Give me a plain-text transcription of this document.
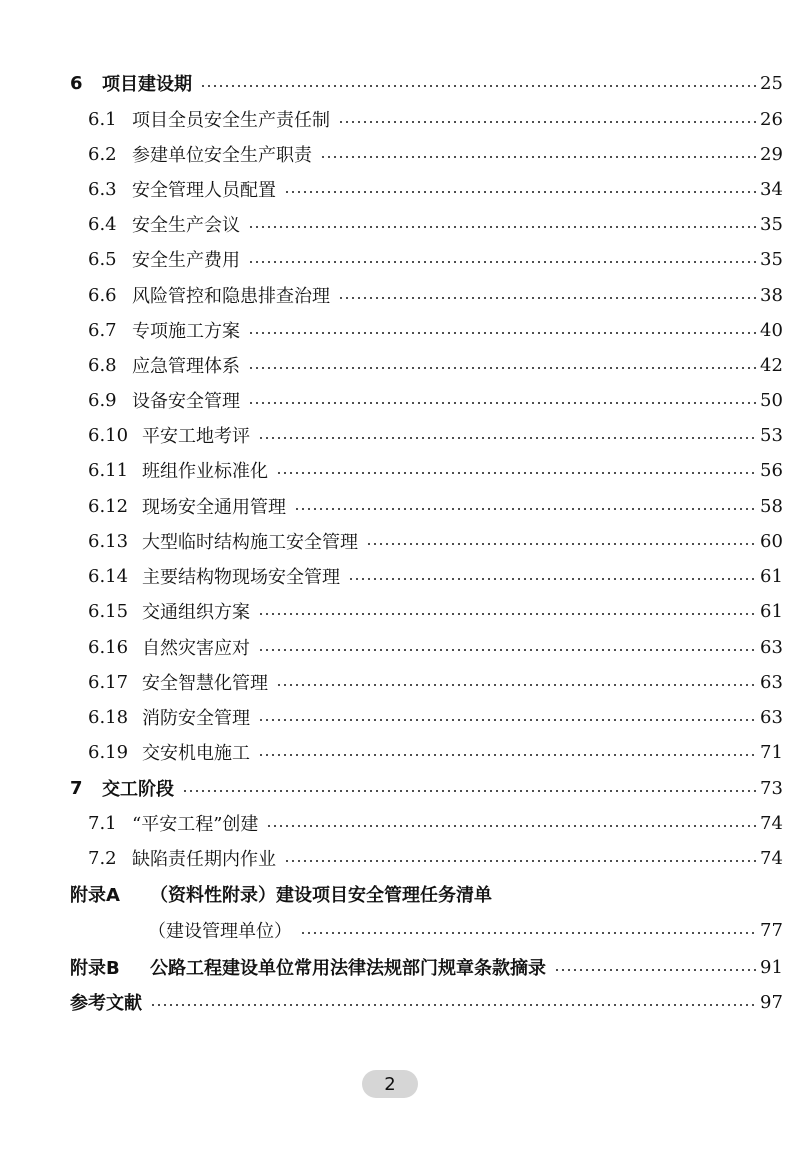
6	项目建设期	25
6.1 项目全员安全生产责任制	26
6.2 参建单位安全生产职责	29
6.3 安全管理人员配置	34
6.4 安全生产会议	35
6.5 安全生产费用	35
6.6 风险管控和隐患排查治理	38
6.7 专项施工方案	40
6.8 应急管理体系	42
6.9 设备安全管理	50
6.10 平安工地考评	53
6.11 班组作业标准化	56
6.12 现场安全通用管理	58
6.13 大型临时结构施工安全管理	60
6.14 主要结构物现场安全管理	61
6.15 交通组织方案	61
6.16 自然灾害应对	63
6.17 安全智慧化管理	63
6.18 消防安全管理	63
6.19 交安机电施工	71
7	交工阶段	73
7.1 “平安工程”创建	74
7.2 缺陷责任期内作业	74
附录A	（资料性附录）建设项目安全管理任务清单
（建设管理单位）	77
附录B	公路工程建设单位常用法律法规部门规章条款摘录	91
参考文献	97
2
